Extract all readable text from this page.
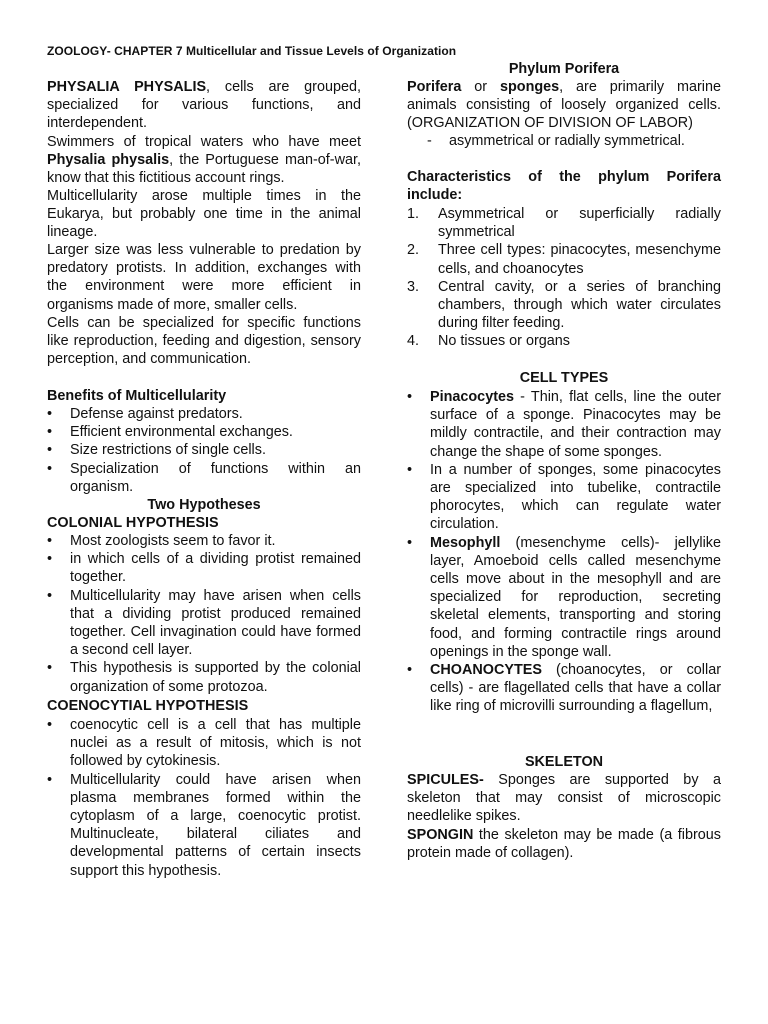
ZOOLOGY- CHAPTER 7 Multicellular and Tissue Levels of Organization

PHYSALIA PHYSALIS, cells are grouped, specialized for various functions, and interdependent.

Swimmers of tropical waters who have meet Physalia physalis, the Portuguese man-of-war, know that this fictitious account rings.

Multicellularity arose multiple times in the Eukarya, but probably one time in the animal lineage.

Larger size was less vulnerable to predation by predatory protists. In addition, exchanges with the environment were more efficient in organisms made of more, smaller cells.

Cells can be specialized for specific functions like reproduction, feeding and digestion, sensory perception, and communication.

Benefits of Multicellularity

•	Defense against predators.
•	Efficient environmental exchanges.
•	Size restrictions of single cells.
•	Specialization of functions within an organism.

Two Hypotheses

COLONIAL HYPOTHESIS

•	Most zoologists seem to favor it.
•	in which cells of a dividing protist remained together.
•	Multicellularity may have arisen when cells that a dividing protist produced remained together. Cell invagination could have formed a second cell layer.
•	This hypothesis is supported by the colonial organization of some protozoa.

COENOCYTIAL HYPOTHESIS

•	coenocytic cell is a cell that has multiple nuclei as a result of mitosis, which is not followed by cytokinesis.
•	Multicellularity could have arisen when plasma membranes formed within the cytoplasm of a large, coenocytic protist. Multinucleate, bilateral ciliates and developmental patterns of certain insects support this hypothesis.

Phylum Porifera

Porifera or sponges, are primarily marine animals consisting of loosely organized cells. (ORGANIZATION OF DIVISION OF LABOR)

- asymmetrical or radially symmetrical.

Characteristics of the phylum Porifera include:

1. Asymmetrical or superficially radially symmetrical
2. Three cell types: pinacocytes, mesenchyme cells, and choanocytes
3. Central cavity, or a series of branching chambers, through which water circulates during filter feeding.
4. No tissues or organs

CELL TYPES

•	Pinacocytes - Thin, flat cells, line the outer surface of a sponge. Pinacocytes may be mildly contractile, and their contraction may change the shape of some sponges.
•	In a number of sponges, some pinacocytes are specialized into tubelike, contractile phorocytes, which can regulate water circulation.
•	Mesophyll (mesenchyme cells)- jellylike layer, Amoeboid cells called mesenchyme cells move about in the mesophyll and are specialized for reproduction, secreting skeletal elements, transporting and storing food, and forming contractile rings around openings in the sponge wall.
•	CHOANOCYTES (choanocytes, or collar cells) - are flagellated cells that have a collar like ring of microvilli surrounding a flagellum,

SKELETON

SPICULES- Sponges are supported by a skeleton that may consist of microscopic needlelike spikes.

SPONGIN the skeleton may be made (a fibrous protein made of collagen).
